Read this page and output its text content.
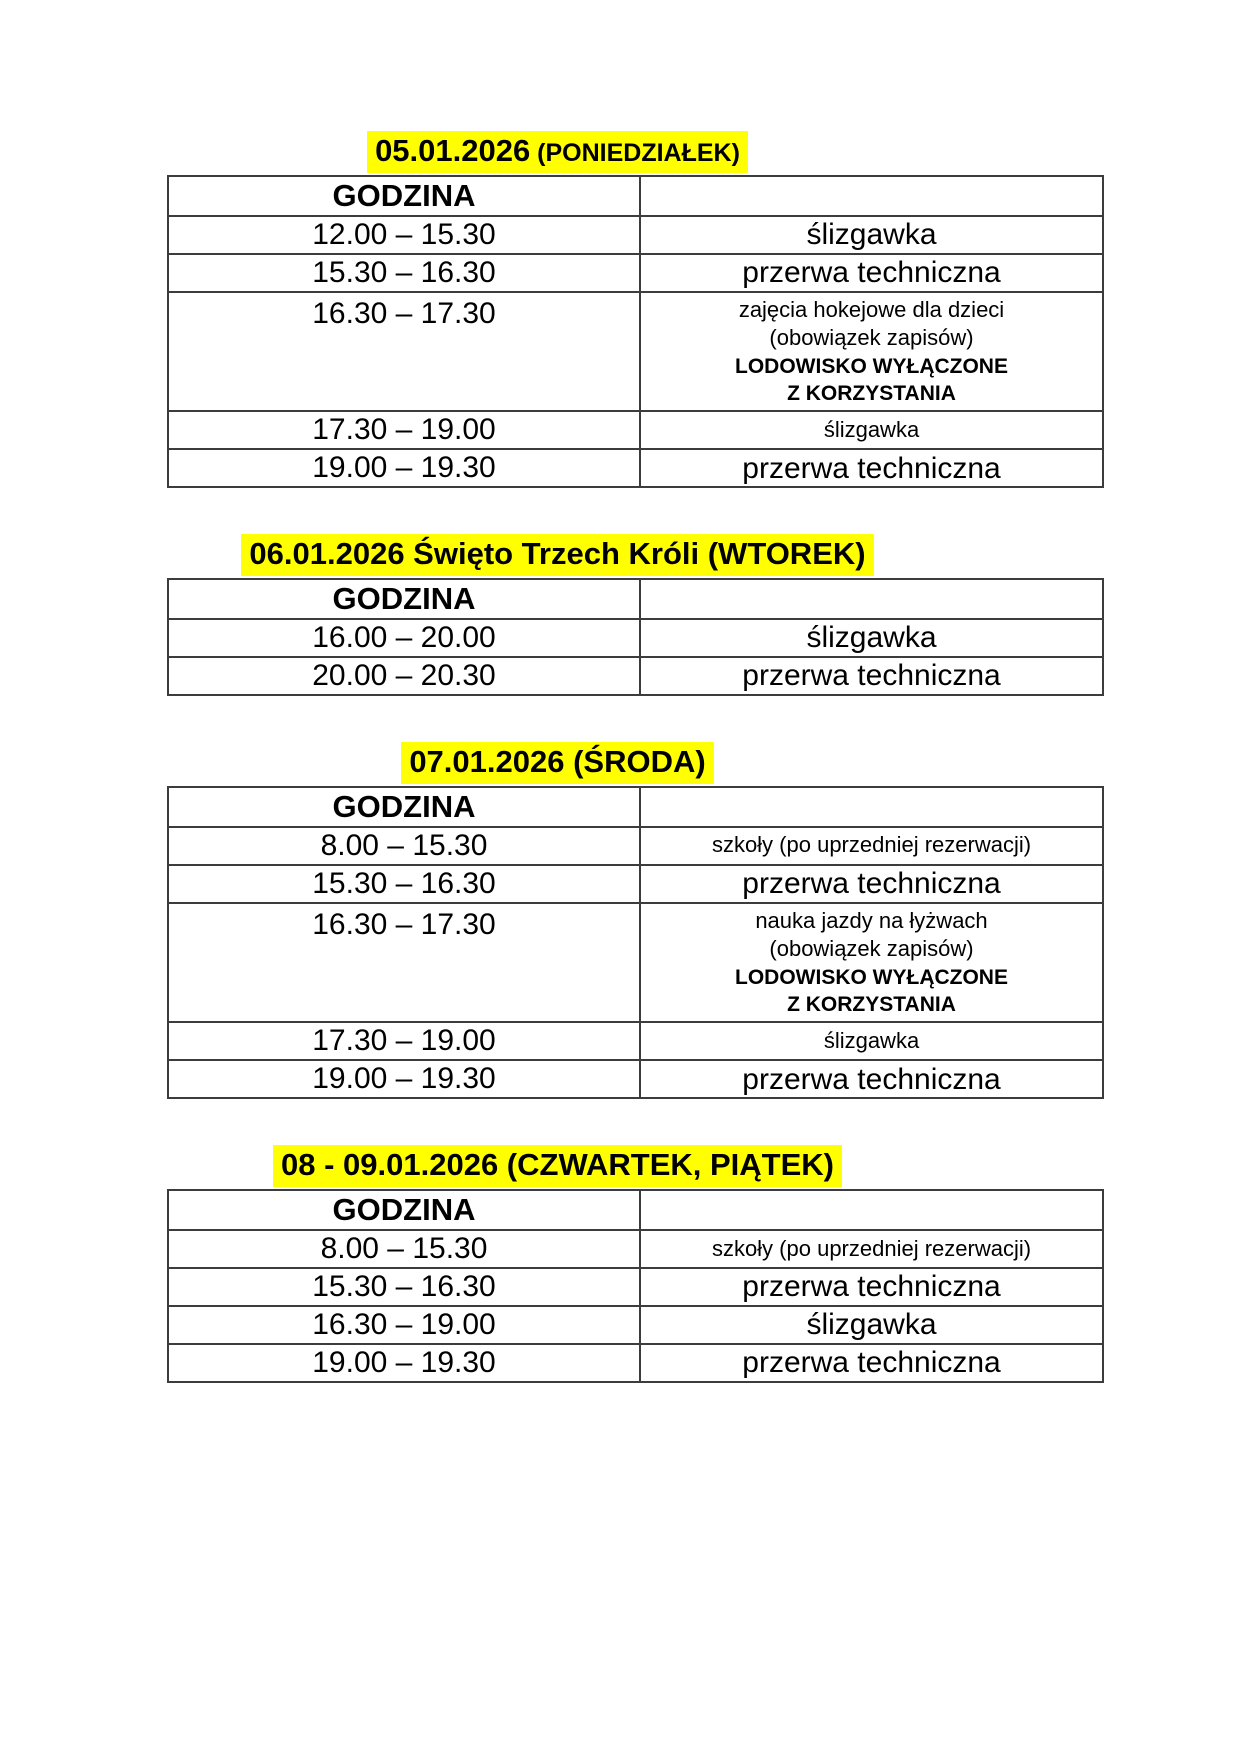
05.01.2026 (PONIEDZIAŁEK)
GODZINA	
12.00 – 15.30	ślizgawka

15.30 – 16.30	przerwa techniczna

16.30 – 17.30	zajęcia hokejowe dla dzieci
(obowiązek zapisów)
LODOWISKO WYŁĄCZONE
Z KORZYSTANIA

17.30 – 19.00	ślizgawka

19.00 – 19.30	przerwa techniczna
06.01.2026 Święto Trzech Króli (WTOREK)
GODZINA	
16.00 – 20.00	ślizgawka

20.00 – 20.30	przerwa techniczna
07.01.2026 (ŚRODA)
GODZINA	
8.00 – 15.30	szkoły (po uprzedniej rezerwacji)

15.30 – 16.30	przerwa techniczna

16.30 – 17.30	nauka jazdy na łyżwach
(obowiązek zapisów)
LODOWISKO WYŁĄCZONE
Z KORZYSTANIA

17.30 – 19.00	ślizgawka

19.00 – 19.30	przerwa techniczna
08 - 09.01.2026 (CZWARTEK, PIĄTEK)
GODZINA	
8.00 – 15.30	szkoły (po uprzedniej rezerwacji)

15.30 – 16.30	przerwa techniczna

16.30 – 19.00	ślizgawka

19.00 – 19.30	przerwa techniczna
